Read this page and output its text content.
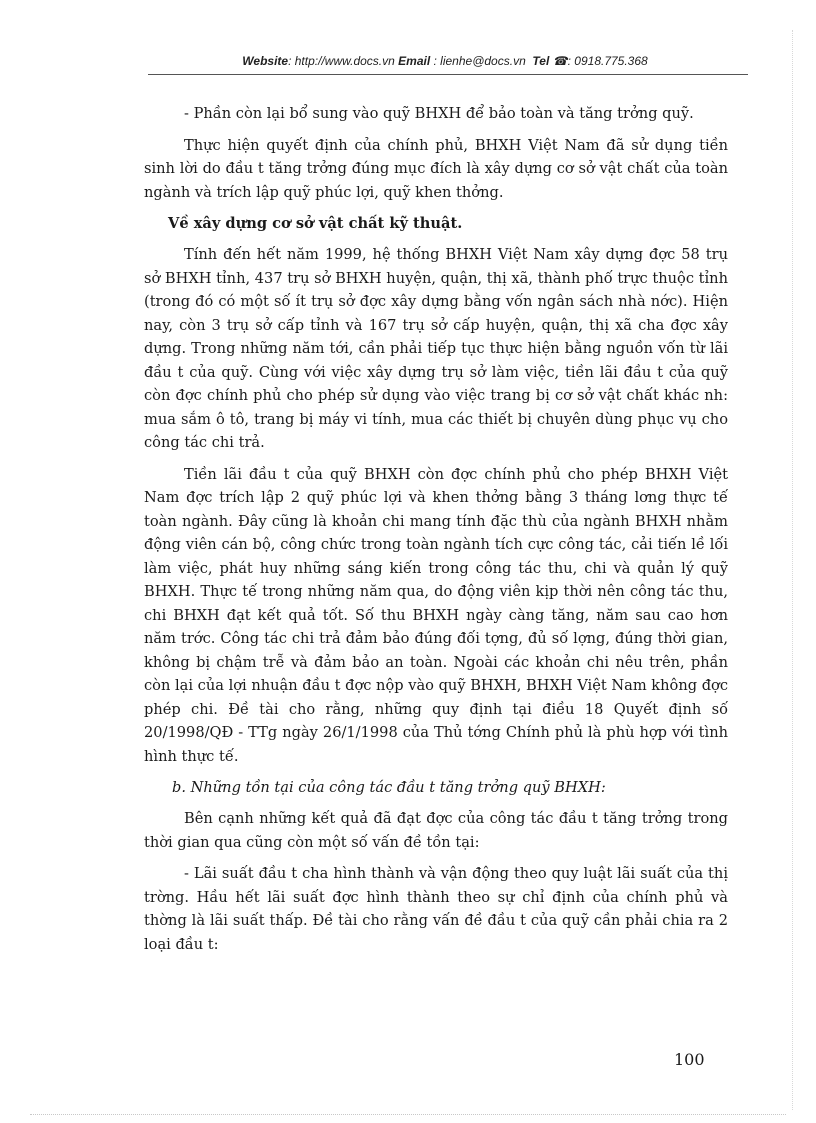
Website: http://www.docs.vn Email : lienhe@docs.vn Tel ☎: 0918.775.368

- Phần còn lại bổ sung vào quỹ BHXH để bảo toàn và tăng trởng quỹ.

Thực hiện quyết định của chính phủ, BHXH Việt Nam đã sử dụng tiền sinh lời do đầu t tăng trởng đúng mục đích là xây dựng cơ sở vật chất của toàn ngành và trích lập quỹ phúc lợi, quỹ khen thởng.

Về xây dựng cơ sở vật chất kỹ thuật.

Tính đến hết năm 1999, hệ thống BHXH Việt Nam xây dựng đợc 58 trụ sở BHXH tỉnh, 437 trụ sở BHXH huyện, quận, thị xã, thành phố trực thuộc tỉnh (trong đó có một số ít trụ sở đợc xây dựng bằng vốn ngân sách nhà nớc). Hiện nay, còn 3 trụ sở cấp tỉnh và 167 trụ sở cấp huyện, quận, thị xã cha đợc xây dựng. Trong những năm tới, cần phải tiếp tục thực hiện bằng nguồn vốn từ lãi đầu t của quỹ. Cùng với việc xây dựng trụ sở làm việc, tiền lãi đầu t của quỹ còn đợc chính phủ cho phép sử dụng vào việc trang bị cơ sở vật chất khác nh: mua sắm ô tô, trang bị máy vi tính, mua các thiết bị chuyên dùng phục vụ cho công tác chi trả.

Tiền lãi đầu t của quỹ BHXH còn đợc chính phủ cho phép BHXH Việt Nam đợc trích lập 2 quỹ phúc lợi và khen thởng bằng 3 tháng lơng thực tế toàn ngành. Đây cũng là khoản chi mang tính đặc thù của ngành BHXH nhằm động viên cán bộ, công chức trong toàn ngành tích cực công tác, cải tiến lề lối làm việc, phát huy những sáng kiến trong công tác thu, chi và quản lý quỹ BHXH. Thực tế trong những năm qua, do động viên kịp thời nên công tác thu, chi BHXH đạt kết quả tốt. Số thu BHXH ngày càng tăng, năm sau cao hơn năm trớc. Công tác chi trả đảm bảo đúng đối tợng, đủ số lợng, đúng thời gian, không bị chậm trễ và đảm bảo an toàn. Ngoài các khoản chi nêu trên, phần còn lại của lợi nhuận đầu t đợc nộp vào quỹ BHXH, BHXH Việt Nam không đợc phép chi. Đề tài cho rằng, những quy định tại điều 18 Quyết định số 20/1998/QĐ - TTg ngày 26/1/1998 của Thủ tớng Chính phủ là phù hợp với tình hình thực tế.

b. Những tồn tại của công tác đầu t tăng trởng quỹ BHXH:

Bên cạnh những kết quả đã đạt đợc của công tác đầu t tăng trởng trong thời gian qua cũng còn một số vấn đề tồn tại:

- Lãi suất đầu t cha hình thành và vận động theo quy luật lãi suất của thị trờng. Hầu hết lãi suất đợc hình thành theo sự chỉ định của chính phủ và thờng là lãi suất thấp. Đề tài cho rằng vấn đề đầu t của quỹ cần phải chia ra 2 loại đầu t:

100
